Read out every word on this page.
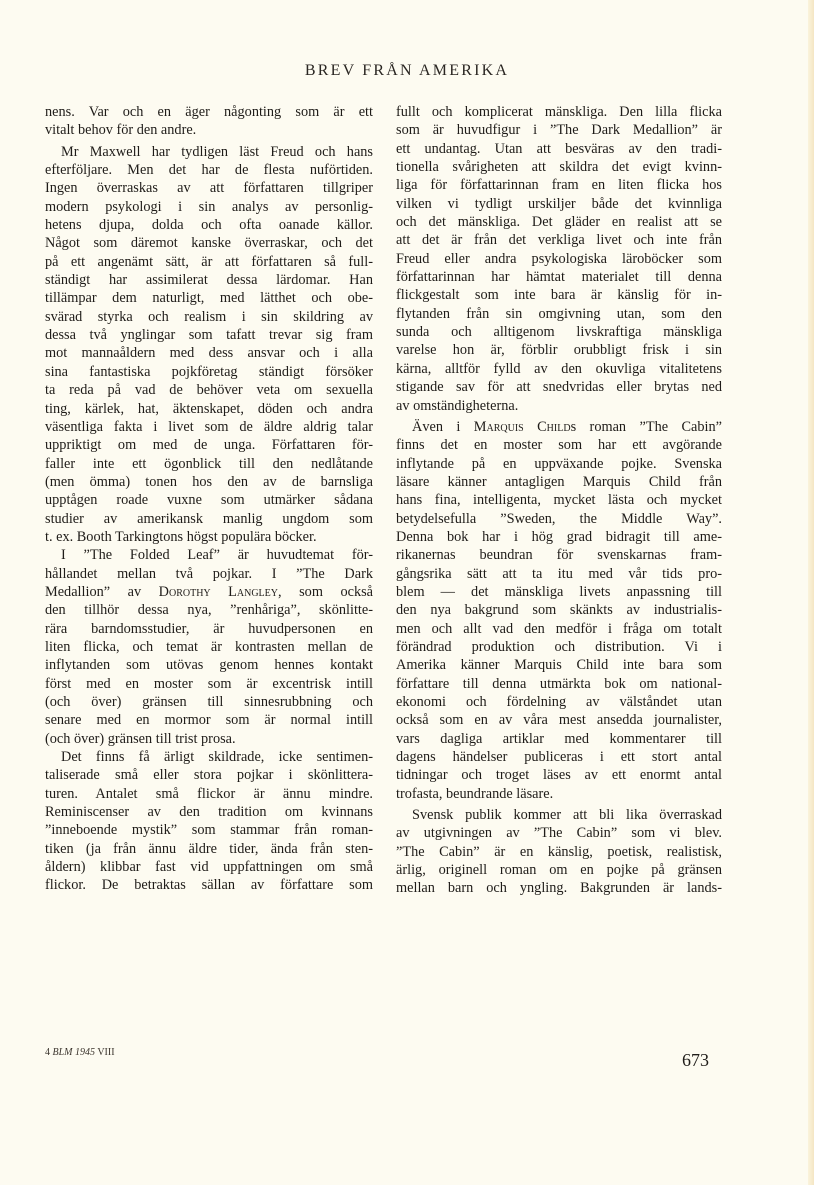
BREV FRÅN AMERIKA
nens. Var och en äger någonting som är ett
vitalt behov för den andre.
Mr Maxwell har tydligen läst Freud och hans
efterföljare. Men det har de flesta nuförtiden.
Ingen överraskas av att författaren tillgriper
modern psykologi i sin analys av personlig-
hetens djupa, dolda och ofta oanade källor.
Något som däremot kanske överraskar, och det
på ett angenämt sätt, är att författaren så full-
ständigt har assimilerat dessa lärdomar. Han
tillämpar dem naturligt, med lätthet och obe-
svärad styrka och realism i sin skildring av
dessa två ynglingar som tafatt trevar sig fram
mot mannaåldern med dess ansvar och i alla
sina fantastiska pojkföretag ständigt försöker
ta reda på vad de behöver veta om sexuella
ting, kärlek, hat, äktenskapet, döden och andra
väsentliga fakta i livet som de äldre aldrig talar
uppriktigt om med de unga. Författaren för-
faller inte ett ögonblick till den nedlåtande
(men ömma) tonen hos den av de barnsliga
upptågen roade vuxne som utmärker sådana
studier av amerikansk manlig ungdom som
t. ex. Booth Tarkingtons högst populära böcker.
I ”The Folded Leaf” är huvudtemat för-
hållandet mellan två pojkar. I ”The Dark
Medallion” av Dorothy Langley, som också
den tillhör dessa nya, ”renhåriga”, skönlitte-
rära barndomsstudier, är huvudpersonen en
liten flicka, och temat är kontrasten mellan de
inflytanden som utövas genom hennes kontakt
först med en moster som är excentrisk intill
(och över) gränsen till sinnesrubbning och
senare med en mormor som är normal intill
(och över) gränsen till trist prosa.
Det finns få ärligt skildrade, icke sentimen-
taliserade små eller stora pojkar i skönlittera-
turen. Antalet små flickor är ännu mindre.
Reminiscenser av den tradition om kvinnans
”inneboende mystik” som stammar från roman-
tiken (ja från ännu äldre tider, ända från sten-
åldern) klibbar fast vid uppfattningen om små
flickor. De betraktas sällan av författare som
fullt och komplicerat mänskliga. Den lilla flicka
som är huvudfigur i ”The Dark Medallion” är
ett undantag. Utan att besväras av den tradi-
tionella svårigheten att skildra det evigt kvinn-
liga för författarinnan fram en liten flicka hos
vilken vi tydligt urskiljer både det kvinnliga
och det mänskliga. Det gläder en realist att se
att det är från det verkliga livet och inte från
Freud eller andra psykologiska läroböcker som
författarinnan har hämtat materialet till denna
flickgestalt som inte bara är känslig för in-
flytanden från sin omgivning utan, som den
sunda och alltigenom livskraftiga mänskliga
varelse hon är, förblir orubbligt frisk i sin
kärna, alltför fylld av den okuvliga vitalitetens
stigande sav för att snedvridas eller brytas ned
av omständigheterna.
Även i Marquis Childs roman ”The Cabin”
finns det en moster som har ett avgörande
inflytande på en uppväxande pojke. Svenska
läsare känner antagligen Marquis Child från
hans fina, intelligenta, mycket lästa och mycket
betydelsefulla ”Sweden, the Middle Way”.
Denna bok har i hög grad bidragit till ame-
rikanernas beundran för svenskarnas fram-
gångsrika sätt att ta itu med vår tids pro-
blem — det mänskliga livets anpassning till
den nya bakgrund som skänkts av industrialis-
men och allt vad den medför i fråga om totalt
förändrad produktion och distribution. Vi i
Amerika känner Marquis Child inte bara som
författare till denna utmärkta bok om national-
ekonomi och fördelning av välståndet utan
också som en av våra mest ansedda journalister,
vars dagliga artiklar med kommentarer till
dagens händelser publiceras i ett stort antal
tidningar och troget läses av ett enormt antal
trofasta, beundrande läsare.
Svensk publik kommer att bli lika överraskad
av utgivningen av ”The Cabin” som vi blev.
”The Cabin” är en känslig, poetisk, realistisk,
ärlig, originell roman om en pojke på gränsen
mellan barn och yngling. Bakgrunden är lands-
4 BLM 1945 VIII	673
